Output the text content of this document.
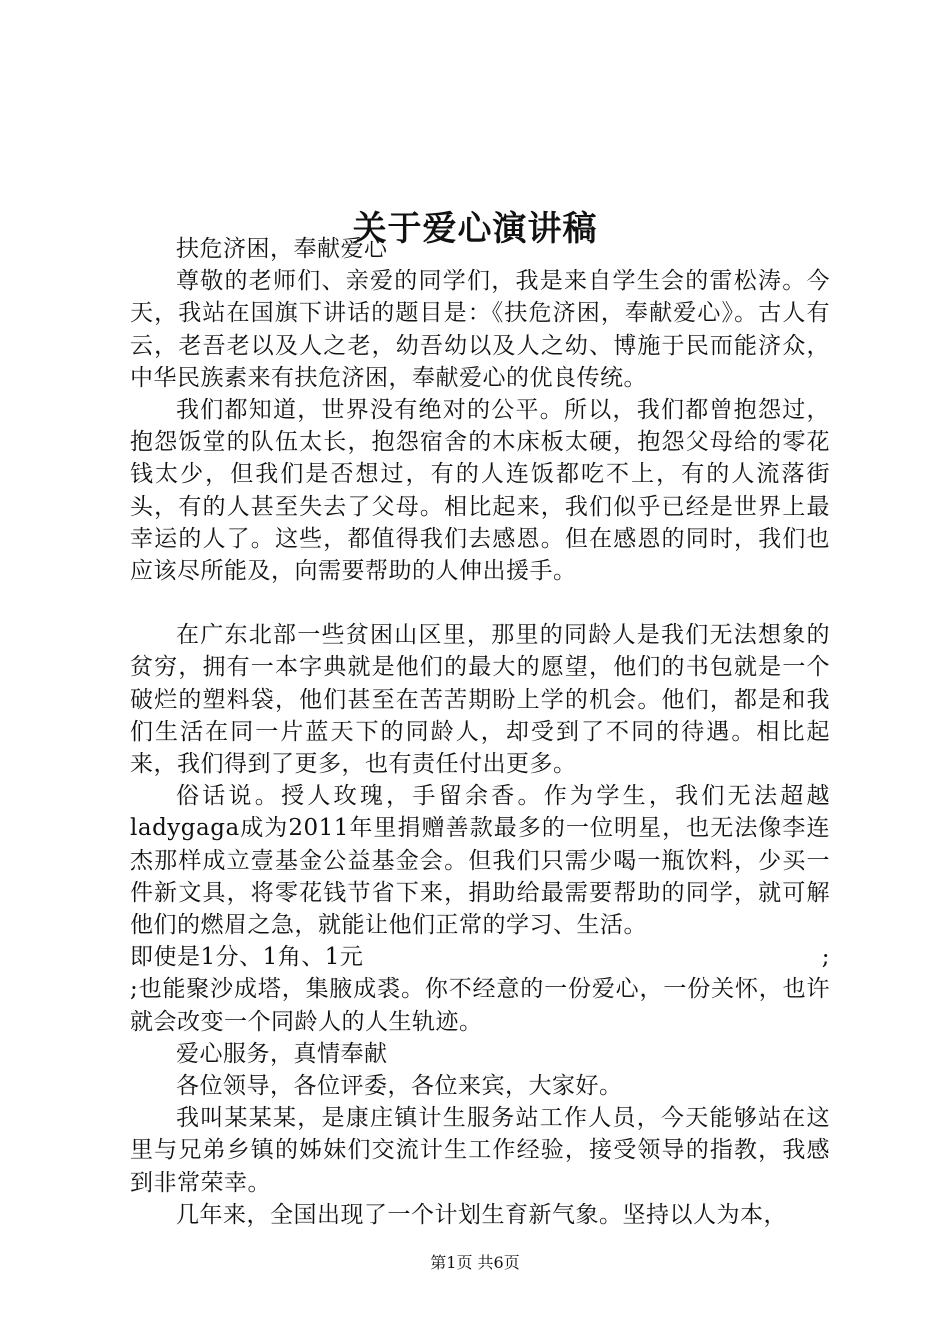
关于爱心演讲稿

扶危济困，奉献爱心

尊敬的老师们、亲爱的同学们，我是来自学生会的雷松涛。今天，我站在国旗下讲话的题目是：《扶危济困，奉献爱心》。古人有云，老吾老以及人之老，幼吾幼以及人之幼、博施于民而能济众，中华民族素来有扶危济困，奉献爱心的优良传统。

我们都知道，世界没有绝对的公平。所以，我们都曾抱怨过，抱怨饭堂的队伍太长，抱怨宿舍的木床板太硬，抱怨父母给的零花钱太少，但我们是否想过，有的人连饭都吃不上，有的人流落街头，有的人甚至失去了父母。相比起来，我们似乎已经是世界上最幸运的人了。这些，都值得我们去感恩。但在感恩的同时，我们也应该尽所能及，向需要帮助的人伸出援手。

在广东北部一些贫困山区里，那里的同龄人是我们无法想象的贫穷，拥有一本字典就是他们的最大的愿望，他们的书包就是一个破烂的塑料袋，他们甚至在苦苦期盼上学的机会。他们，都是和我们生活在同一片蓝天下的同龄人，却受到了不同的待遇。相比起来，我们得到了更多，也有责任付出更多。

俗话说。授人玫瑰，手留余香。作为学生，我们无法超越ladygaga成为2011年里捐赠善款最多的一位明星，也无法像李连杰那样成立壹基金公益基金会。但我们只需少喝一瓶饮料，少买一件新文具，将零花钱节省下来，捐助给最需要帮助的同学，就可解他们的燃眉之急，就能让他们正常的学习、生活。

即 使 是 1 分 、 1 角 、 1 元	;

;也能聚沙成塔，集腋成裘。你不经意的一份爱心，一份关怀，也许就会改变一个同龄人的人生轨迹。

爱心服务，真情奉献

各位领导，各位评委，各位来宾，大家好。

我叫某某某，是康庄镇计生服务站工作人员，今天能够站在这里与兄弟乡镇的姊妹们交流计生工作经验，接受领导的指教，我感到非常荣幸。

几年来，全国出现了一个计划生育新气象。坚持以人为本，

第1页 共6页
